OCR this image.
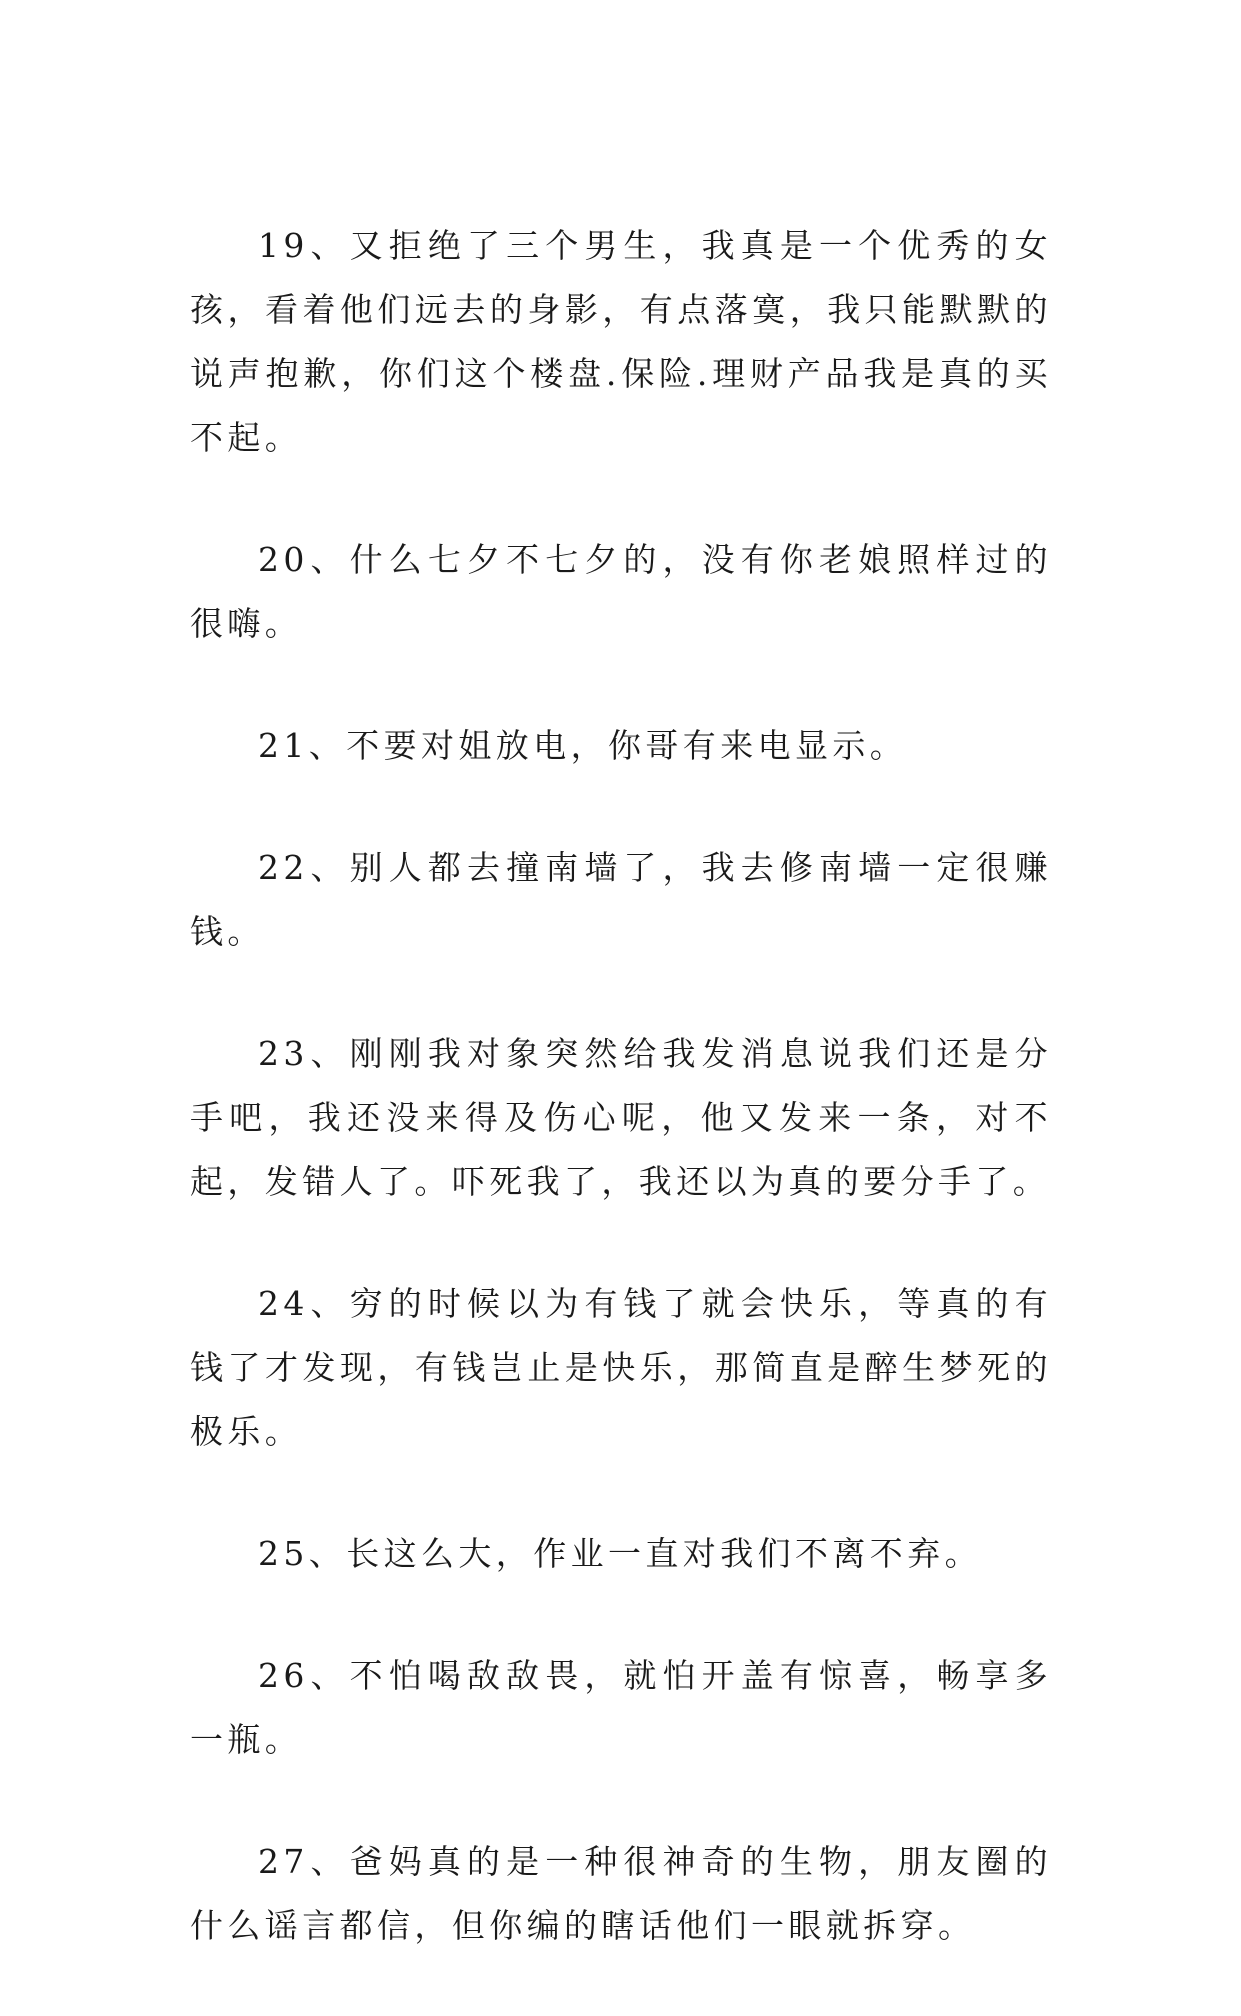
19、又拒绝了三个男生，我真是一个优秀的女孩，看着他们远去的身影，有点落寞，我只能默默的说声抱歉，你们这个楼盘.保险.理财产品我是真的买不起。

20、什么七夕不七夕的，没有你老娘照样过的很嗨。

21、不要对姐放电，你哥有来电显示。

22、别人都去撞南墙了，我去修南墙一定很赚钱。

23、刚刚我对象突然给我发消息说我们还是分手吧，我还没来得及伤心呢，他又发来一条，对不起，发错人了。吓死我了，我还以为真的要分手了。

24、穷的时候以为有钱了就会快乐，等真的有钱了才发现，有钱岂止是快乐，那简直是醉生梦死的极乐。

25、长这么大，作业一直对我们不离不弃。

26、不怕喝敌敌畏，就怕开盖有惊喜，畅享多一瓶。

27、爸妈真的是一种很神奇的生物，朋友圈的什么谣言都信，但你编的瞎话他们一眼就拆穿。
